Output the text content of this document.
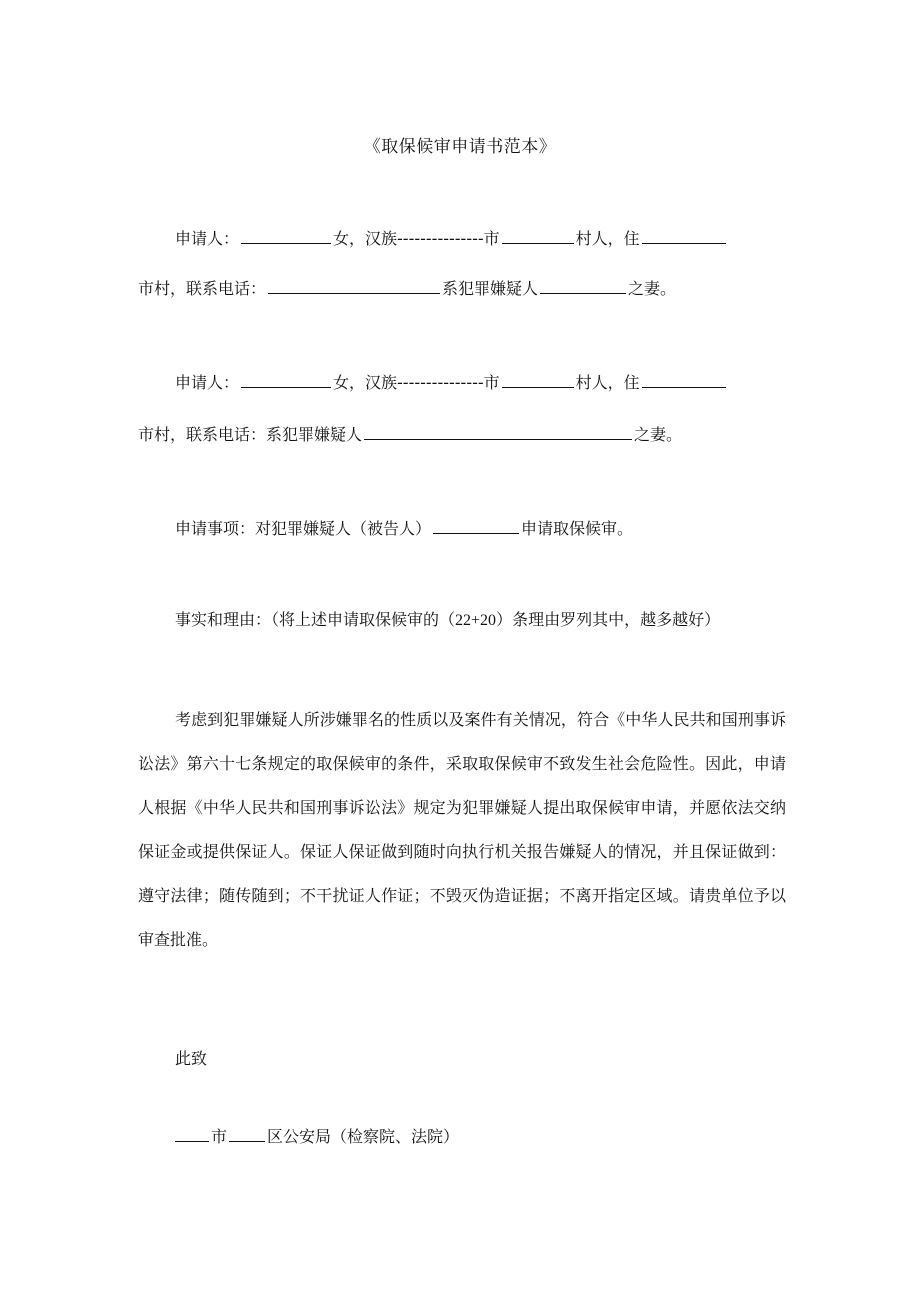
《取保候审申请书范本》
申请人：	女，汉族---------------市	村人，住
市村，联系电话：	系犯罪嫌疑人	之妻。
申请人：	女，汉族---------------市	村人，住
市村，联系电话：系犯罪嫌疑人	之妻。
申请事项：对犯罪嫌疑人（被告人）	申请取保候审。
事实和理由：（将上述申请取保候审的（22+20）条理由罗列其中，越多越好）
考虑到犯罪嫌疑人所涉嫌罪名的性质以及案件有关情况，符合《中华人民共和国刑事诉讼法》第六十七条规定的取保候审的条件，采取取保候审不致发生社会危险性。因此，申请人根据《中华人民共和国刑事诉讼法》规定为犯罪嫌疑人提出取保候审申请，并愿依法交纳保证金或提供保证人。保证人保证做到随时向执行机关报告嫌疑人的情况，并且保证做到：遵守法律；随传随到；不干扰证人作证；不毁灭伪造证据；不离开指定区域。请贵单位予以审查批准。
此致
市	区公安局（检察院、法院）
